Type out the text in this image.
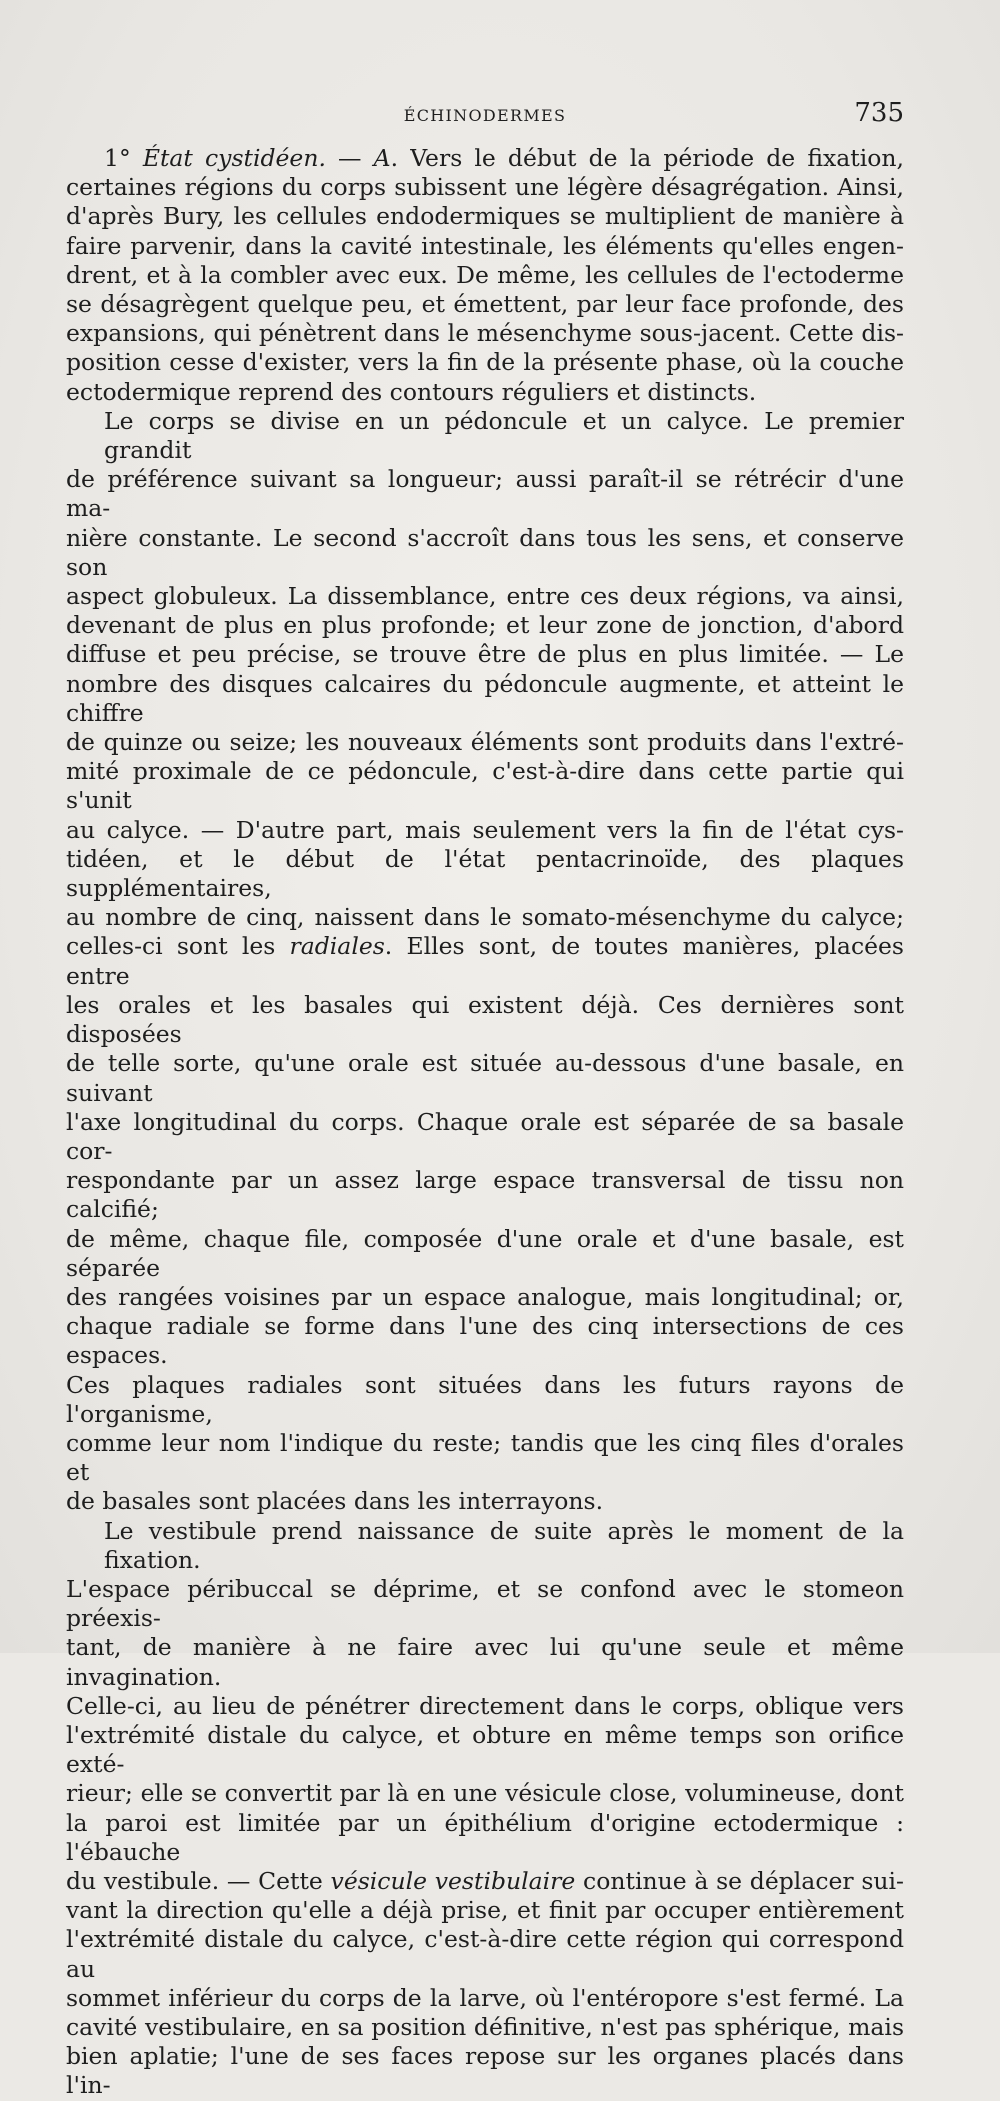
ÉCHINODERMES	735

1° État cystidéen. — A. Vers le début de la période de fixation,

certaines régions du corps subissent une légère désagrégation. Ainsi,

d'après Bury, les cellules endodermiques se multiplient de manière à

faire parvenir, dans la cavité intestinale, les éléments qu'elles engen-

drent, et à la combler avec eux. De même, les cellules de l'ectoderme

se désagrègent quelque peu, et émettent, par leur face profonde, des

expansions, qui pénètrent dans le mésenchyme sous-jacent. Cette dis-

position cesse d'exister, vers la fin de la présente phase, où la couche

ectodermique reprend des contours réguliers et distincts.

Le corps se divise en un pédoncule et un calyce. Le premier grandit

de préférence suivant sa longueur; aussi paraît-il se rétrécir d'une ma-

nière constante. Le second s'accroît dans tous les sens, et conserve son

aspect globuleux. La dissemblance, entre ces deux régions, va ainsi,

devenant de plus en plus profonde; et leur zone de jonction, d'abord

diffuse et peu précise, se trouve être de plus en plus limitée. — Le

nombre des disques calcaires du pédoncule augmente, et atteint le chiffre

de quinze ou seize; les nouveaux éléments sont produits dans l'extré-

mité proximale de ce pédoncule, c'est-à-dire dans cette partie qui s'unit

au calyce. — D'autre part, mais seulement vers la fin de l'état cys-

tidéen, et le début de l'état pentacrinoïde, des plaques supplémentaires,

au nombre de cinq, naissent dans le somato-mésenchyme du calyce;

celles-ci sont les radiales. Elles sont, de toutes manières, placées entre

les orales et les basales qui existent déjà. Ces dernières sont disposées

de telle sorte, qu'une orale est située au-dessous d'une basale, en suivant

l'axe longitudinal du corps. Chaque orale est séparée de sa basale cor-

respondante par un assez large espace transversal de tissu non calcifié;

de même, chaque file, composée d'une orale et d'une basale, est séparée

des rangées voisines par un espace analogue, mais longitudinal; or,

chaque radiale se forme dans l'une des cinq intersections de ces espaces.

Ces plaques radiales sont situées dans les futurs rayons de l'organisme,

comme leur nom l'indique du reste; tandis que les cinq files d'orales et

de basales sont placées dans les interrayons.

Le vestibule prend naissance de suite après le moment de la fixation.

L'espace péribuccal se déprime, et se confond avec le stomeon préexis-

tant, de manière à ne faire avec lui qu'une seule et même invagination.

Celle-ci, au lieu de pénétrer directement dans le corps, oblique vers

l'extrémité distale du calyce, et obture en même temps son orifice exté-

rieur; elle se convertit par là en une vésicule close, volumineuse, dont

la paroi est limitée par un épithélium d'origine ectodermique : l'ébauche

du vestibule. — Cette vésicule vestibulaire continue à se déplacer sui-

vant la direction qu'elle a déjà prise, et finit par occuper entièrement

l'extrémité distale du calyce, c'est-à-dire cette région qui correspond au

sommet inférieur du corps de la larve, où l'entéropore s'est fermé. La

cavité vestibulaire, en sa position définitive, n'est pas sphérique, mais

bien aplatie; l'une de ses faces repose sur les organes placés dans l'in-
